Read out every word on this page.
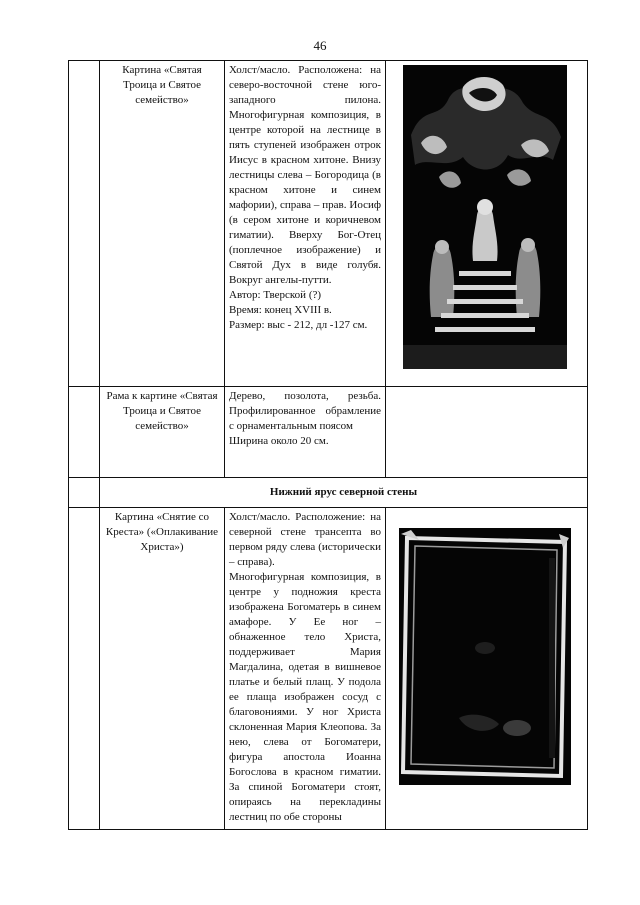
46
	Картина «Святая Троица и Святое семейство»	Холст/масло. Расположена: на северо-восточной стене юго-западного пилона. Многофигурная композиция, в центре которой на лестнице в пять ступеней изображен отрок Иисус в красном хитоне. Внизу лестницы слева – Богородица (в красном хитоне и синем мафории), справа – прав. Иосиф (в сером хитоне и коричневом гиматии). Вверху Бог-Отец (поплечное изображение) и Святой Дух в виде голубя. Вокруг ангелы-путти.

Автор: Тверской (?)

Время: конец XVIII в.

Размер: выс - 212, дл -127 см.

	Рама к картине «Святая Троица и Святое семейство»	Дерево, позолота, резьба. Профилированное обрамление с орнаментальным поясом

Ширина около 20 см.	

	Нижний ярус северной стены		
	Картина «Снятие со Креста» («Оплакивание Христа»)	Холст/масло. Расположение: на северной стене трансепта во первом ряду слева (исторически – справа).

Многофигурная композиция, в центре у подножия креста изображена Богоматерь в синем амафоре. У Ее ног – обнаженное тело Христа, поддерживает Мария Магдалина, одетая в вишневое платье и белый плащ. У подола ее плаща изображен сосуд с благовониями. У ног Христа склоненная Мария Клеопова. За нею, слева от Богоматери, фигура апостола Иоанна Богослова в красном гиматии. За спиной Богоматери стоят, опираясь на перекладины лестниц по обе стороны
